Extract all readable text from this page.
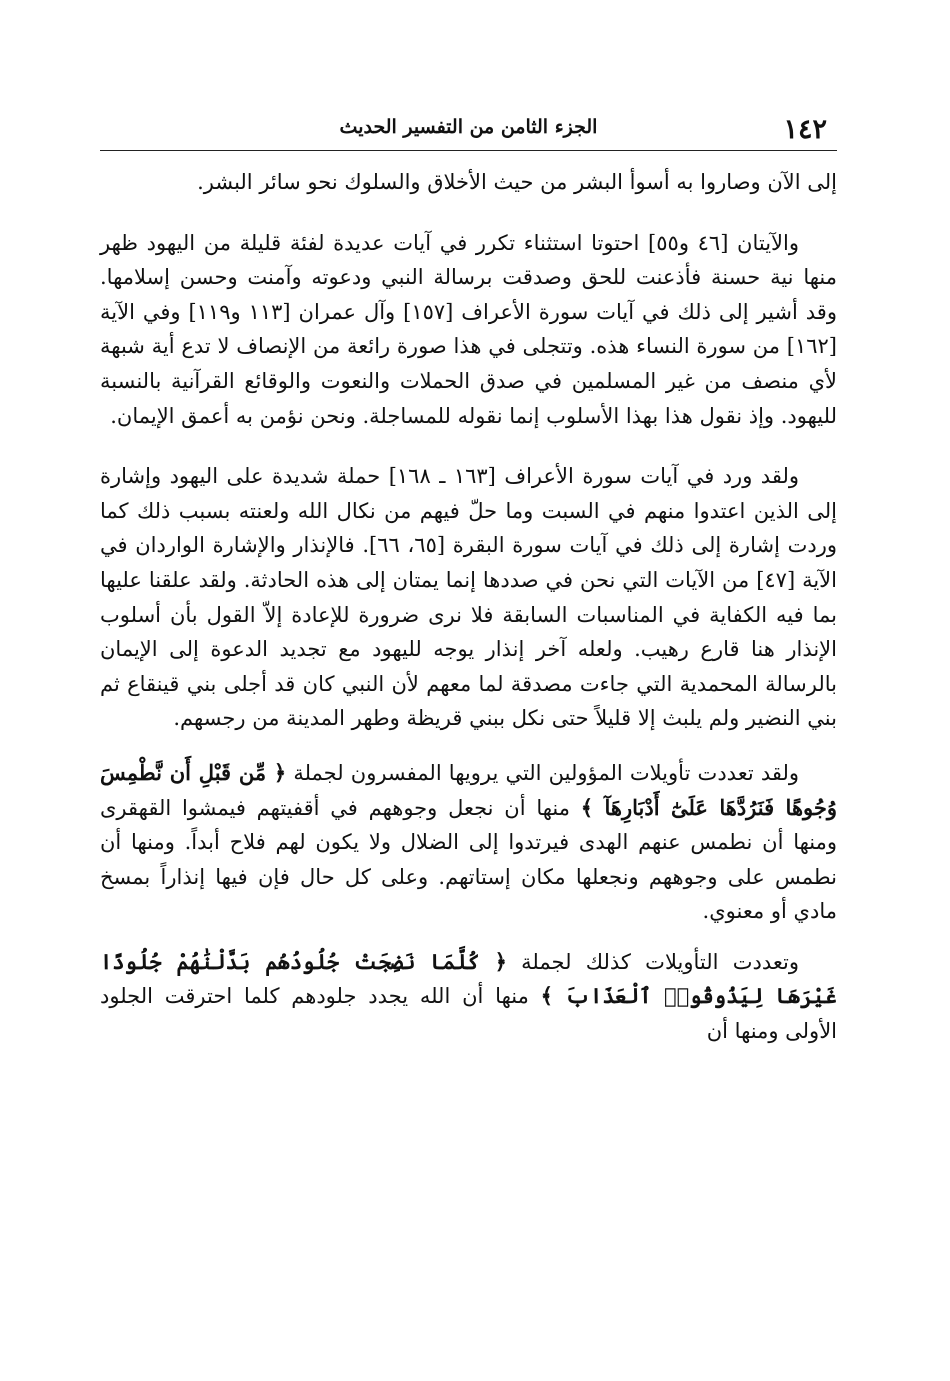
١٤٢
الجزء الثامن من التفسير الحديث

إلى الآن وصاروا به أسوأ البشر من حيث الأخلاق والسلوك نحو سائر البشر.

والآيتان [٤٦ و٥٥] احتوتا استثناء تكرر في آيات عديدة لفئة قليلة من اليهود ظهر منها نية حسنة فأذعنت للحق وصدقت برسالة النبي ودعوته وآمنت وحسن إسلامها. وقد أشير إلى ذلك في آيات سورة الأعراف [١٥٧] وآل عمران [١١٣ و١١٩] وفي الآية [١٦٢] من سورة النساء هذه. وتتجلى في هذا صورة رائعة من الإنصاف لا تدع أية شبهة لأي منصف من غير المسلمين في صدق الحملات والنعوت والوقائع القرآنية بالنسبة لليهود. وإذ نقول هذا بهذا الأسلوب إنما نقوله للمساجلة. ونحن نؤمن به أعمق الإيمان.

ولقد ورد في آيات سورة الأعراف [١٦٣ ـ ١٦٨] حملة شديدة على اليهود وإشارة إلى الذين اعتدوا منهم في السبت وما حلّ فيهم من نكال الله ولعنته بسبب ذلك كما وردت إشارة إلى ذلك في آيات سورة البقرة [٦٥، ٦٦]. فالإنذار والإشارة الواردان في الآية [٤٧] من الآيات التي نحن في صددها إنما يمتان إلى هذه الحادثة. ولقد علقنا عليها بما فيه الكفاية في المناسبات السابقة فلا نرى ضرورة للإعادة إلاّ القول بأن أسلوب الإنذار هنا قارع رهيب. ولعله آخر إنذار يوجه لليهود مع تجديد الدعوة إلى الإيمان بالرسالة المحمدية التي جاءت مصدقة لما معهم لأن النبي كان قد أجلى بني قينقاع ثم بني النضير ولم يلبث إلا قليلاً حتى نكل ببني قريظة وطهر المدينة من رجسهم.

ولقد تعددت تأويلات المؤولين التي يرويها المفسرون لجملة ﴿ مِّن قَبْلِ أَن نَّطْمِسَ وُجُوهًا فَنَرُدَّهَا عَلَىٰٓ أَدْبَارِهَآ ﴾ منها أن نجعل وجوههم في أقفيتهم فيمشوا القهقرى ومنها أن نطمس عنهم الهدى فيرتدوا إلى الضلال ولا يكون لهم فلاح أبداً. ومنها أن نطمس على وجوههم ونجعلها مكان إستاتهم. وعلى كل حال فإن فيها إنذاراً بمسخ مادي أو معنوي.

وتعددت التأويلات كذلك لجملة ﴿ كُلَّمَا نَضِجَتْ جُلُودُهُم بَدَّلْنَٰهُمْ جُلُودًا غَيْرَهَا لِيَذُوقُوا۟ ٱلْعَذَابَ ﴾ منها أن الله يجدد جلودهم كلما احترقت الجلود الأولى ومنها أن
